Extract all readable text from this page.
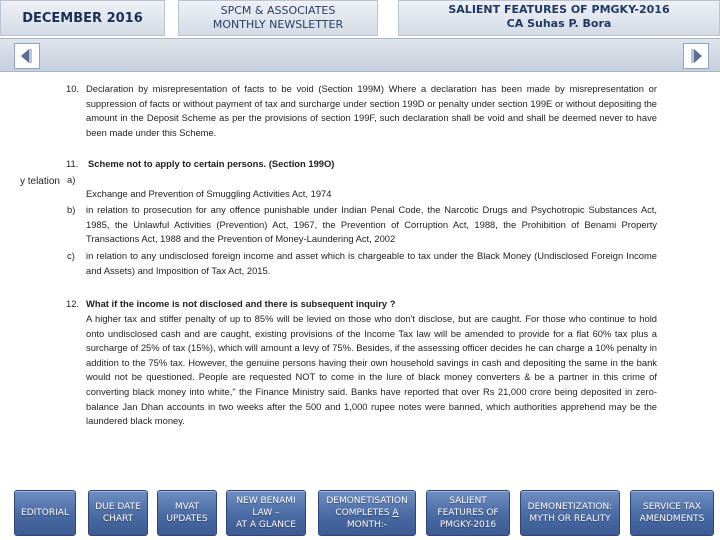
DECEMBER 2016	SPCM & ASSOCIATES
MONTHLY NEWSLETTER
SALIENT FEATURES OF PMGKY-2016
CA Suhas P. Bora
y telation
10. Declaration by misrepresentation of facts to be void (Section 199M) Where a declaration has been made by misrepresentation or suppression of facts or without payment of tax and surcharge under section 199D or penalty under section 199E or without depositing the amount in the Deposit Scheme as per the provisions of section 199F, such declaration shall be void and shall be deemed never to have been made under this Scheme.
11. Scheme not to apply to certain persons. (Section 199O)
a)
Exchange and Prevention of Smuggling Activities Act, 1974
b) in relation to prosecution for any offence punishable under Indian Penal Code, the Narcotic Drugs and Psychotropic Substances Act, 1985, the Unlawful Activities (Prevention) Act, 1967, the Prevention of Corruption Act, 1988, the Prohibition of Benami Property Transactions Act, 1988 and the Prevention of Money-Laundering Act, 2002
c) in relation to any undisclosed foreign income and asset which is chargeable to tax under the Black Money (Undisclosed Foreign Income and Assets) and Imposition of Tax Act, 2015.
12. What if the income is not disclosed and there is subsequent inquiry ?
A higher tax and stiffer penalty of up to 85% will be levied on those who don't disclose, but are caught. For those who continue to hold onto undisclosed cash and are caught, existing provisions of the Income Tax law will be amended to provide for a flat 60% tax plus a surcharge of 25% of tax (15%), which will amount a levy of 75%. Besides, if the assessing officer decides he can charge a 10% penalty in addition to the 75% tax. However, the genuine persons having their own household savings in cash and depositing the same in the bank would not be questioned. People are requested NOT to come in the lure of black money converters & be a partner in this crime of converting black money into white," the Finance Ministry said. Banks have reported that over Rs 21,000 crore being deposited in zero-balance Jan Dhan accounts in two weeks after the 500 and 1,000 rupee notes were banned, which authorities apprehend may be the laundered black money.
EDITORIAL
DUE DATE
CHART
MVAT
UPDATES
NEW BENAMI
LAW –
AT A GLANCE
DEMONETISATION
COMPLETES A
MONTH:-
SALIENT
FEATURES OF
PMGKY-2016
DEMONETIZATION:
MYTH OR REALITY
SERVICE TAX
AMENDMENTS
